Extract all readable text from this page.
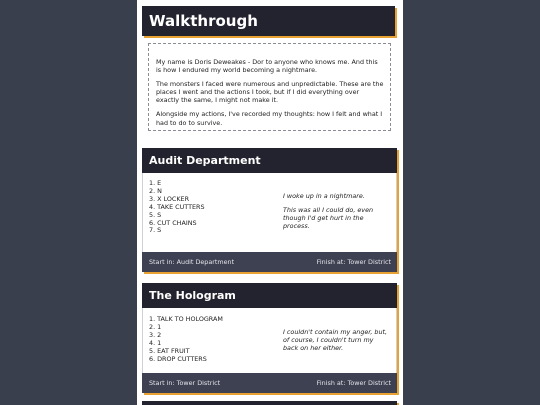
Walkthrough

My name is Doris Deweakes - Dor to anyone who knows me. And this is how I endured my world becoming a nightmare.

The monsters I faced were numerous and unpredictable. These are the places I went and the actions I took, but if I did everything over exactly the same, I might not make it.

Alongside my actions, I've recorded my thoughts: how I felt and what I had to do to survive.

Audit Department
1. E
2. N
3. X LOCKER
4. TAKE CUTTERS
5. S
6. CUT CHAINS
7. S

I woke up in a nightmare.

This was all I could do, even though I'd get hurt in the process.

Start in: Audit Department	Finish at: Tower District
The Hologram
1. TALK TO HOLOGRAM
2. 1
3. 2
4. 1
5. EAT FRUIT
6. DROP CUTTERS

I couldn't contain my anger, but, of course, I couldn't turn my back on her either.

Start in: Tower District	Finish at: Tower District
